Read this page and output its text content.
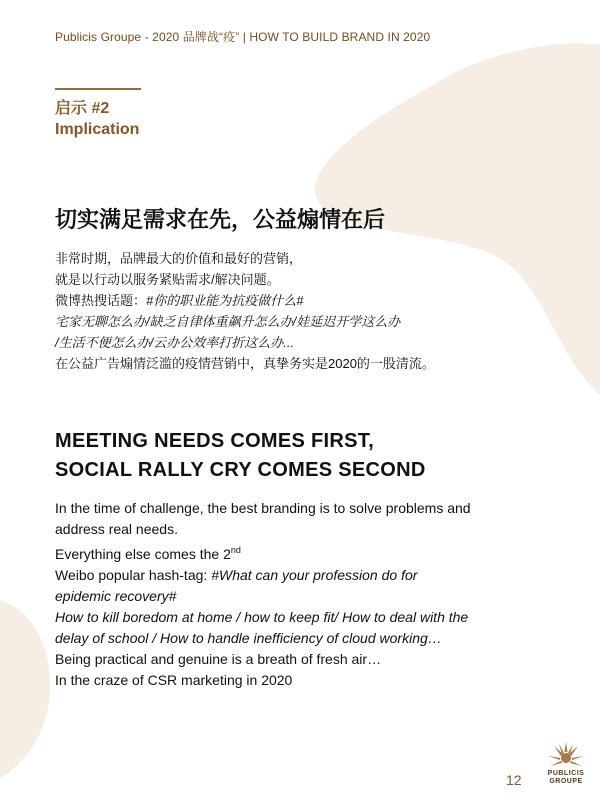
Publicis Groupe - 2020 品牌战“疫” | HOW TO BUILD BRAND IN 2020
启示 #2
Implication
切实满足需求在先，公益煽情在后
非常时期，品牌最大的价值和最好的营销，
就是以行动以服务紧贴需求/解决问题。
微博热搜话题：#你的职业能为抗疫做什么#
宅家无聊怎么办/缺乏自律体重飙升怎么办/娃延迟开学这么办
/生活不便怎么办/云办公效率打折这么办...
在公益广告煽情泛滥的疫情营销中，真挚务实是2020的一股清流。
MEETING NEEDS COMES FIRST,
SOCIAL RALLY CRY COMES SECOND
In the time of challenge, the best branding is to solve problems and
address real needs.
Everything else comes the 2nd
Weibo popular hash-tag: #What can your profession do for
epidemic recovery#
How to kill boredom at home / how to keep fit/ How to deal with the
delay of school / How to handle inefficiency of cloud working…
Being practical and genuine is a breath of fresh air…
In the craze of CSR marketing in 2020
12	PUBLICIS
GROUPE
